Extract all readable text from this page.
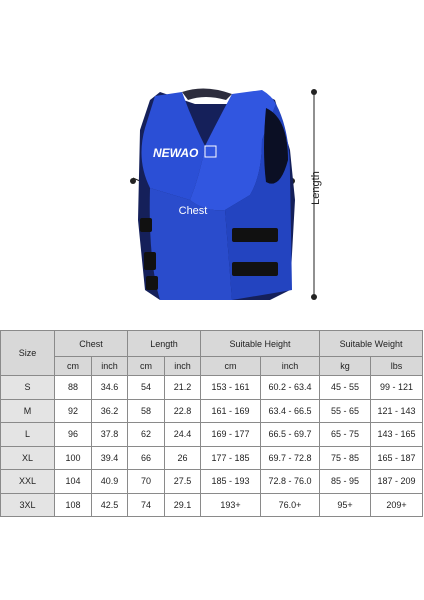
NEWAO
Chest
Length
Size	Chest		Length		Suitable Height		Suitable Weight	
	cm	inch	cm	inch	cm	inch	kg	lbs
S	88	34.6	54	21.2	153 - 161	60.2 - 63.4	45 - 55	99 - 121
M	92	36.2	58	22.8	161 - 169	63.4 - 66.5	55 - 65	121 - 143
L	96	37.8	62	24.4	169 - 177	66.5 - 69.7	65 - 75	143 - 165
XL	100	39.4	66	26	177 - 185	69.7 - 72.8	75 - 85	165 - 187
XXL	104	40.9	70	27.5	185 - 193	72.8 - 76.0	85 - 95	187 - 209
3XL	108	42.5	74	29.1	193+	76.0+	95+	209+
